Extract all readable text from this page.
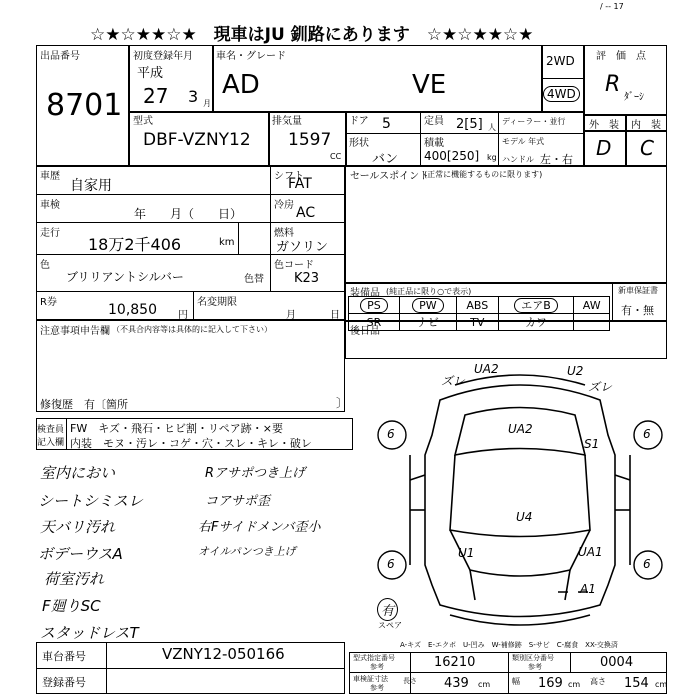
☆★☆★★☆★　現車はJU 釧路にあります　☆★☆★★☆★
/ -- 17
出品番号
8701
初度登録年月
平成
27 3 月
車名・グレード
AD	VE
2WD
4WD
型式
DBF-VZNY12
排気量
1597
CC
ドア 5	定員 2[5] 人
形状
バン
積載
400[250] kg
ディーラー・並行
モデル 年式
ハンドル 左・右
評　価　点
R
ﾀﾞｰｼ
外　装 内　装
D C
車歴
自家用
シフト
FAT
車検
年　　月（　　日）
冷房 AC
走行
18万2千406	km
燃料
ガソリン
色
ブリリアントシルバー	色替
色コード
K23
R券	10,850 円
名変期限
月	日
セールスポイント
(正常に機能するものに限ります)
装備品 (純正品に限り○で表示)
PS	PW	ABS	エアB	AW
SR	ナビ	TV	カワ	
新車保証書
有・無
後日品
注意事項申告欄 （不具合内容等は具体的に記入して下さい）
修復歴 有〔箇所	〕
検査員
記入欄
FW　キズ・飛石・ヒビ割・リペア跡・×要
内装　モヌ・汚レ・コゲ・穴・スレ・キレ・破レ
室内におい
シートシミスレ
天バリ汚れ
ボデーウスA
荷室汚れ
F廻りSC
スタッドレスT
Rアサポつき上げ
コアサポ歪
右Fサイドメンバ歪小
オイルパンつき上げ
UA2	U2
ズレ	ズレ
UA2
S1
U4
U1	UA1
A1
6	6
6	6
有
スペア
A-キズ　E-エクボ　U-凹み　W-補修跡　S-サビ　C-腐食　XX-交換済
車台番号	VZNY12-050166
登録番号
型式指定番号
参考	16210	類別区分番号
参考	0004
車検証寸法
参考
長さ 439 cm	幅 169 cm 高さ 154 cm
